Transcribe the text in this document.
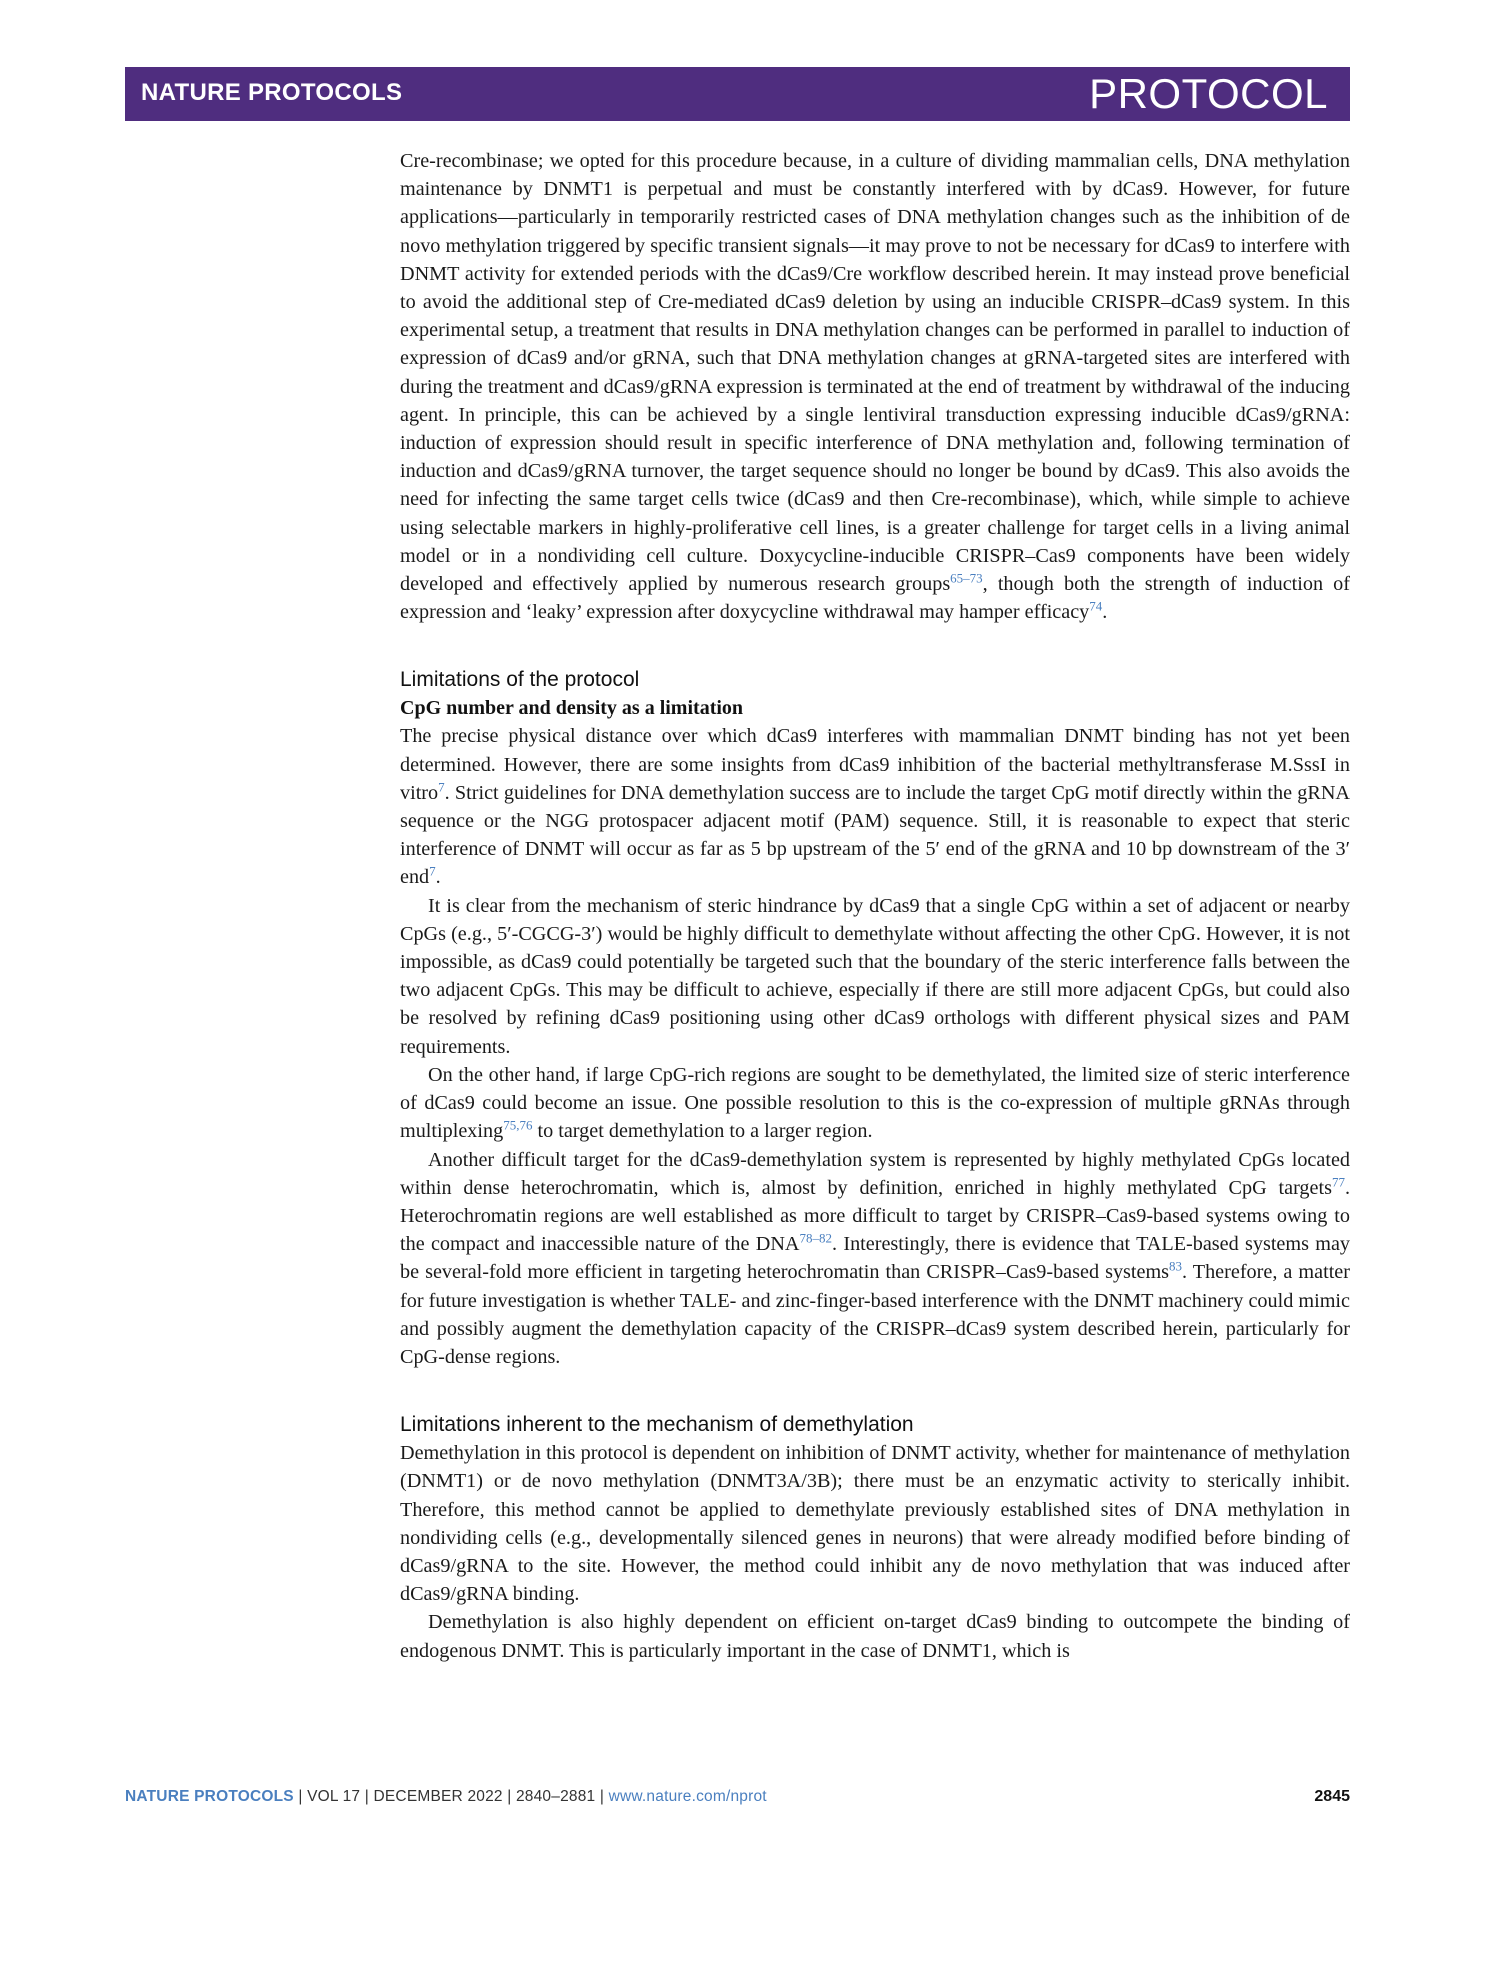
NATURE PROTOCOLS	PROTOCOL

Cre-recombinase; we opted for this procedure because, in a culture of dividing mammalian cells, DNA methylation maintenance by DNMT1 is perpetual and must be constantly interfered with by dCas9. However, for future applications—particularly in temporarily restricted cases of DNA methylation changes such as the inhibition of de novo methylation triggered by specific transient signals—it may prove to not be necessary for dCas9 to interfere with DNMT activity for extended periods with the dCas9/Cre workflow described herein. It may instead prove beneficial to avoid the additional step of Cre-mediated dCas9 deletion by using an inducible CRISPR–dCas9 system. In this experimental setup, a treatment that results in DNA methylation changes can be performed in parallel to induction of expression of dCas9 and/or gRNA, such that DNA methylation changes at gRNA-targeted sites are interfered with during the treatment and dCas9/gRNA expression is terminated at the end of treatment by withdrawal of the inducing agent. In principle, this can be achieved by a single lentiviral transduction expressing inducible dCas9/gRNA: induction of expression should result in specific interference of DNA methylation and, following termination of induction and dCas9/gRNA turnover, the target sequence should no longer be bound by dCas9. This also avoids the need for infecting the same target cells twice (dCas9 and then Cre-recombinase), which, while simple to achieve using selectable markers in highly-proliferative cell lines, is a greater challenge for target cells in a living animal model or in a nondividing cell culture. Doxycycline-inducible CRISPR–Cas9 components have been widely developed and effectively applied by numerous research groups$^{65-73}$, though both the strength of induction of expression and ‘leaky’ expression after doxycycline withdrawal may hamper efficacy$^{74}$.

Limitations of the protocol
CpG number and density as a limitation

The precise physical distance over which dCas9 interferes with mammalian DNMT binding has not yet been determined. However, there are some insights from dCas9 inhibition of the bacterial methyltransferase M.SssI in vitro$^7$. Strict guidelines for DNA demethylation success are to include the target CpG motif directly within the gRNA sequence or the NGG protospacer adjacent motif (PAM) sequence. Still, it is reasonable to expect that steric interference of DNMT will occur as far as 5 bp upstream of the 5′ end of the gRNA and 10 bp downstream of the 3′ end$^7$.

It is clear from the mechanism of steric hindrance by dCas9 that a single CpG within a set of adjacent or nearby CpGs (e.g., 5′-CGCG-3′) would be highly difficult to demethylate without affecting the other CpG. However, it is not impossible, as dCas9 could potentially be targeted such that the boundary of the steric interference falls between the two adjacent CpGs. This may be difficult to achieve, especially if there are still more adjacent CpGs, but could also be resolved by refining dCas9 positioning using other dCas9 orthologs with different physical sizes and PAM requirements.

On the other hand, if large CpG-rich regions are sought to be demethylated, the limited size of steric interference of dCas9 could become an issue. One possible resolution to this is the co-expression of multiple gRNAs through multiplexing$^{75,76}$ to target demethylation to a larger region.

Another difficult target for the dCas9-demethylation system is represented by highly methylated CpGs located within dense heterochromatin, which is, almost by definition, enriched in highly methylated CpG targets$^{77}$. Heterochromatin regions are well established as more difficult to target by CRISPR–Cas9-based systems owing to the compact and inaccessible nature of the DNA$^{78-82}$. Interestingly, there is evidence that TALE-based systems may be several-fold more efficient in targeting heterochromatin than CRISPR–Cas9-based systems$^{83}$. Therefore, a matter for future investigation is whether TALE- and zinc-finger-based interference with the DNMT machinery could mimic and possibly augment the demethylation capacity of the CRISPR–dCas9 system described herein, particularly for CpG-dense regions.

Limitations inherent to the mechanism of demethylation

Demethylation in this protocol is dependent on inhibition of DNMT activity, whether for maintenance of methylation (DNMT1) or de novo methylation (DNMT3A/3B); there must be an enzymatic activity to sterically inhibit. Therefore, this method cannot be applied to demethylate previously established sites of DNA methylation in nondividing cells (e.g., developmentally silenced genes in neurons) that were already modified before binding of dCas9/gRNA to the site. However, the method could inhibit any de novo methylation that was induced after dCas9/gRNA binding.

Demethylation is also highly dependent on efficient on-target dCas9 binding to outcompete the binding of endogenous DNMT. This is particularly important in the case of DNMT1, which is

NATURE PROTOCOLS | VOL 17 | DECEMBER 2022 | 2840–2881 | www.nature.com/nprot	2845
